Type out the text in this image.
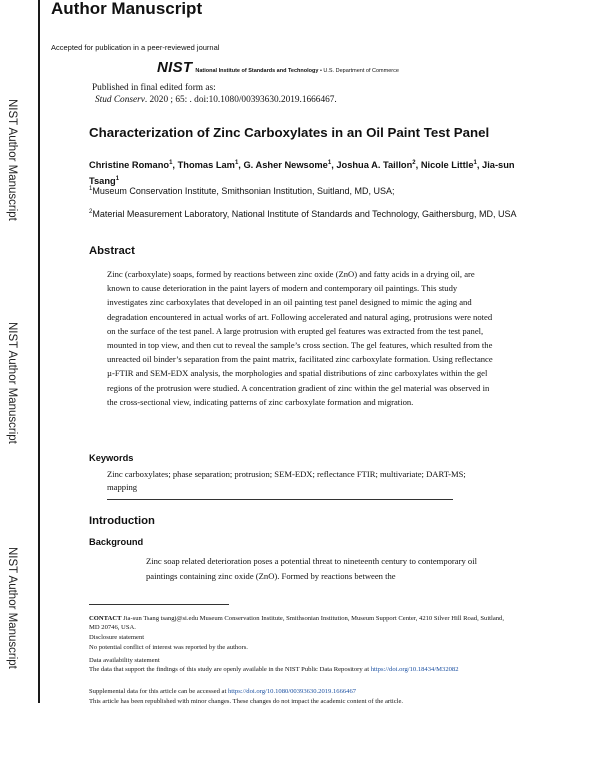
NIST Author Manuscript
NIST Author Manuscript
NIST Author Manuscript
Author Manuscript
Accepted for publication in a peer-reviewed journal
NIST National Institute of Standards and Technology • U.S. Department of Commerce
Published in final edited form as:
Stud Conserv. 2020 ; 65: . doi:10.1080/00393630.2019.1666467.
Characterization of Zinc Carboxylates in an Oil Paint Test Panel
Christine Romano$^1$, Thomas Lam$^1$, G. Asher Newsome$^1$, Joshua A. Taillon$^2$, Nicole Little$^1$, Jia-sun Tsang$^1$
$^1$Museum Conservation Institute, Smithsonian Institution, Suitland, MD, USA;
$^2$Material Measurement Laboratory, National Institute of Standards and Technology, Gaithersburg, MD, USA
Abstract
Zinc (carboxylate) soaps, formed by reactions between zinc oxide (ZnO) and fatty acids in a drying oil, are known to cause deterioration in the paint layers of modern and contemporary oil paintings. This study investigates zinc carboxylates that developed in an oil painting test panel designed to mimic the aging and degradation encountered in actual works of art. Following accelerated and natural aging, protrusions were noted on the surface of the test panel. A large protrusion with erupted gel features was extracted from the test panel, mounted in top view, and then cut to reveal the sample’s cross section. The gel features, which resulted from the unreacted oil binder’s separation from the paint matrix, facilitated zinc carboxylate formation. Using reflectance µ-FTIR and SEM-EDX analysis, the morphologies and spatial distributions of zinc carboxylates within the gel regions of the protrusion were studied. A concentration gradient of zinc within the gel material was observed in the cross-sectional view, indicating patterns of zinc carboxylate formation and migration.
Keywords
Zinc carboxylates; phase separation; protrusion; SEM-EDX; reflectance FTIR; multivariate; DART-MS; mapping
Introduction
Background
Zinc soap related deterioration poses a potential threat to nineteenth century to contemporary oil paintings containing zinc oxide (ZnO). Formed by reactions between the
CONTACT Jia-sun Tsang tsangj@si.edu Museum Conservation Institute, Smithsonian Institution, Museum Support Center, 4210 Silver Hill Road, Suitland, MD 20746, USA.
Disclosure statement
No potential conflict of interest was reported by the authors.
Data availability statement
The data that support the findings of this study are openly available in the NIST Public Data Repository at https://doi.org/10.18434/M32082
Supplemental data for this article can be accessed at https://doi.org/10.1080/00393630.2019.1666467
This article has been republished with minor changes. These changes do not impact the academic content of the article.
